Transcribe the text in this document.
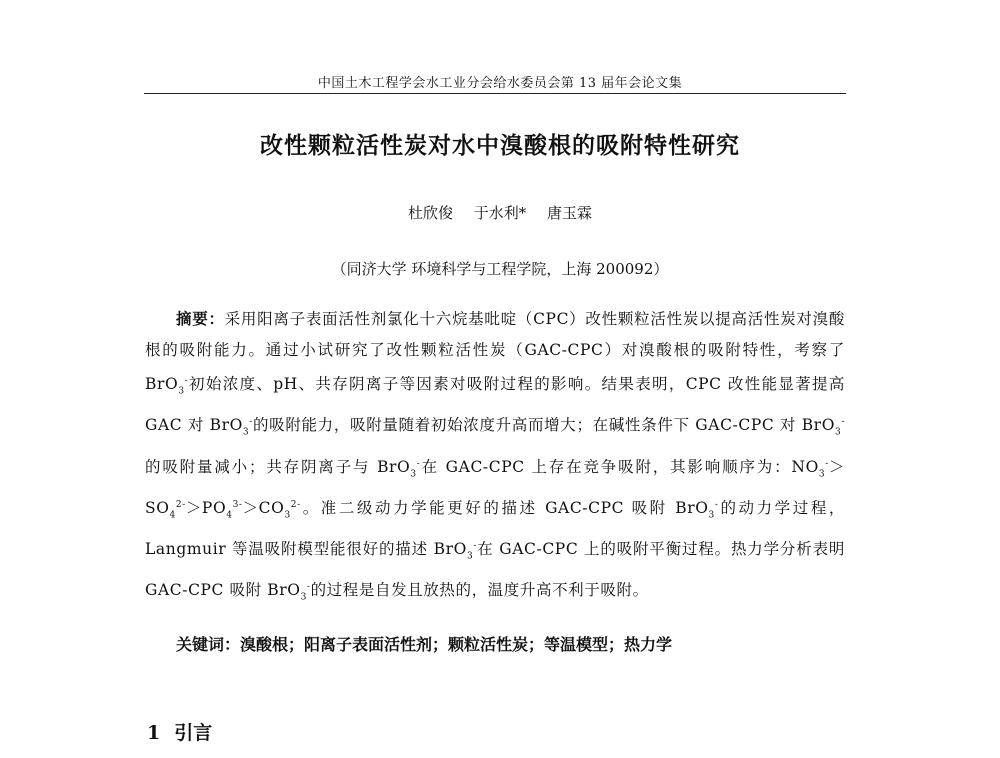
中国土木工程学会水工业分会给水委员会第 13 届年会论文集
改性颗粒活性炭对水中溴酸根的吸附特性研究
杜欣俊 于水利* 唐玉霖
（同济大学 环境科学与工程学院，上海 200092）
摘要：采用阳离子表面活性剂氯化十六烷基吡啶（CPC）改性颗粒活性炭以提高活性炭对溴酸根的吸附能力。通过小试研究了改性颗粒活性炭（GAC-CPC）对溴酸根的吸附特性，考察了 BrO$_3$-初始浓度、pH、共存阴离子等因素对吸附过程的影响。结果表明，CPC 改性能显著提高 GAC 对 BrO$_3$-的吸附能力，吸附量随着初始浓度升高而增大；在碱性条件下 GAC-CPC 对 BrO$_3$-的吸附量减小；共存阴离子与 BrO$_3$-在 GAC-CPC 上存在竞争吸附，其影响顺序为：$NO_3^->SO_4^{2-}>PO_4^{3-}>CO_3^{2-}$。准二级动力学能更好的描述 GAC-CPC 吸附 BrO$_3$-的动力学过程，Langmuir 等温吸附模型能很好的描述 BrO$_3$-在 GAC-CPC 上的吸附平衡过程。热力学分析表明 GAC-CPC 吸附 BrO$_3$-的过程是自发且放热的，温度升高不利于吸附。
关键词：溴酸根；阳离子表面活性剂；颗粒活性炭；等温模型；热力学
1 引言
